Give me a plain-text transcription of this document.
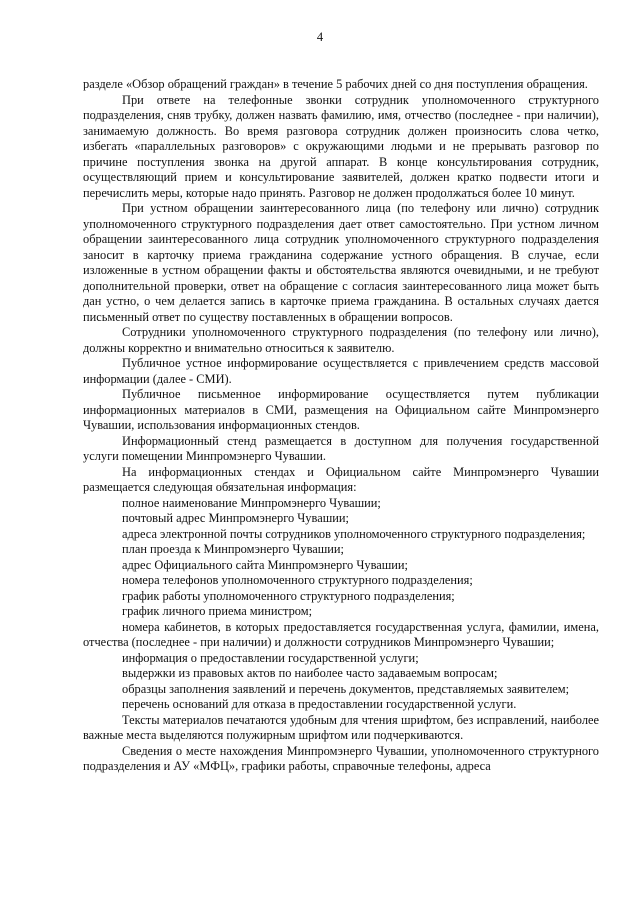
4

разделе «Обзор обращений граждан» в течение 5 рабочих дней со дня поступления обращения.

При ответе на телефонные звонки сотрудник уполномоченного структурного подразделения, сняв трубку, должен назвать фамилию, имя, отчество (последнее - при наличии), занимаемую должность. Во время разговора сотрудник должен произносить слова четко, избегать «параллельных разговоров» с окружающими людьми и не прерывать разговор по причине поступления звонка на другой аппарат. В конце консультирования сотрудник, осуществляющий прием и консультирование заявителей, должен кратко подвести итоги и перечислить меры, которые надо принять. Разговор не должен продолжаться более 10 минут.

При устном обращении заинтересованного лица (по телефону или лично) сотрудник уполномоченного структурного подразделения дает ответ самостоятельно. При устном личном обращении заинтересованного лица сотрудник уполномоченного структурного подразделения заносит в карточку приема гражданина содержание устного обращения. В случае, если изложенные в устном обращении факты и обстоятельства являются очевидными, и не требуют дополнительной проверки, ответ на обращение с согласия заинтересованного лица может быть дан устно, о чем делается запись в карточке приема гражданина. В остальных случаях дается письменный ответ по существу поставленных в обращении вопросов.

Сотрудники уполномоченного структурного подразделения (по телефону или лично), должны корректно и внимательно относиться к заявителю.

Публичное устное информирование осуществляется с привлечением средств массовой информации (далее - СМИ).

Публичное письменное информирование осуществляется путем публикации информационных материалов в СМИ, размещения на Официальном сайте Минпромэнерго Чувашии, использования информационных стендов.

Информационный стенд размещается в доступном для получения государственной услуги помещении Минпромэнерго Чувашии.

На информационных стендах и Официальном сайте Минпромэнерго Чувашии размещается следующая обязательная информация:

полное наименование Минпромэнерго Чувашии;

почтовый адрес Минпромэнерго Чувашии;

адреса электронной почты сотрудников уполномоченного структурного подразделения;

план проезда к Минпромэнерго Чувашии;

адрес Официального сайта Минпромэнерго Чувашии;

номера телефонов уполномоченного структурного подразделения;

график работы уполномоченного структурного подразделения;

график личного приема министром;

номера кабинетов, в которых предоставляется государственная услуга, фамилии, имена, отчества (последнее - при наличии) и должности сотрудников Минпромэнерго Чувашии;

информация о предоставлении государственной услуги;

выдержки из правовых актов по наиболее часто задаваемым вопросам;

образцы заполнения заявлений и перечень документов, представляемых заявителем;

перечень оснований для отказа в предоставлении государственной услуги.

Тексты материалов печатаются удобным для чтения шрифтом, без исправлений, наиболее важные места выделяются полужирным шрифтом или подчеркиваются.

Сведения о месте нахождения Минпромэнерго Чувашии, уполномоченного структурного подразделения и АУ «МФЦ», графики работы, справочные телефоны, адреса
